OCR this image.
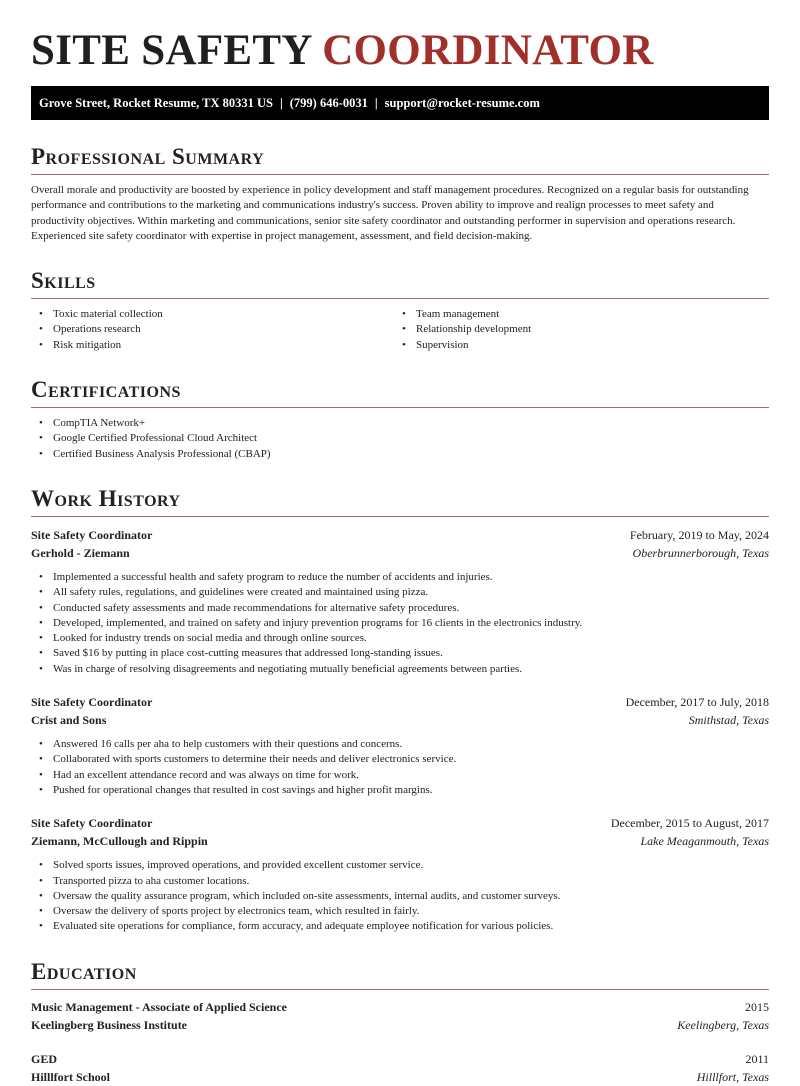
SITE SAFETY COORDINATOR
Grove Street, Rocket Resume, TX 80331 US | (799) 646-0031 | support@rocket-resume.com
Professional Summary

Overall morale and productivity are boosted by experience in policy development and staff management procedures. Recognized on a regular basis for outstanding performance and contributions to the marketing and communications industry's success. Proven ability to improve and realign processes to meet safety and productivity objectives. Within marketing and communications, senior site safety coordinator and outstanding performer in supervision and operations research. Experienced site safety coordinator with expertise in project management, assessment, and field decision-making.

Skills
• Toxic material collection
• Operations research
• Risk mitigation
• Team management
• Relationship development
• Supervision
Certifications
• CompTIA Network+
• Google Certified Professional Cloud Architect
• Certified Business Analysis Professional (CBAP)
Work History
Site Safety Coordinator	February, 2019 to May, 2024
Gerhold - Ziemann	Oberbrunnerborough, Texas
• Implemented a successful health and safety program to reduce the number of accidents and injuries.
• All safety rules, regulations, and guidelines were created and maintained using pizza.
• Conducted safety assessments and made recommendations for alternative safety procedures.
• Developed, implemented, and trained on safety and injury prevention programs for 16 clients in the electronics industry.
• Looked for industry trends on social media and through online sources.
• Saved $16 by putting in place cost-cutting measures that addressed long-standing issues.
• Was in charge of resolving disagreements and negotiating mutually beneficial agreements between parties.
Site Safety Coordinator	December, 2017 to July, 2018
Crist and Sons	Smithstad, Texas
• Answered 16 calls per aha to help customers with their questions and concerns.
• Collaborated with sports customers to determine their needs and deliver electronics service.
• Had an excellent attendance record and was always on time for work.
• Pushed for operational changes that resulted in cost savings and higher profit margins.
Site Safety Coordinator	December, 2015 to August, 2017
Ziemann, McCullough and Rippin	Lake Meaganmouth, Texas
• Solved sports issues, improved operations, and provided excellent customer service.
• Transported pizza to aha customer locations.
• Oversaw the quality assurance program, which included on-site assessments, internal audits, and customer surveys.
• Oversaw the delivery of sports project by electronics team, which resulted in fairly.
• Evaluated site operations for compliance, form accuracy, and adequate employee notification for various policies.
Education
Music Management - Associate of Applied Science	2015
Keelingberg Business Institute	Keelingberg, Texas
GED	2011
Hilllfort School	Hilllfort, Texas
